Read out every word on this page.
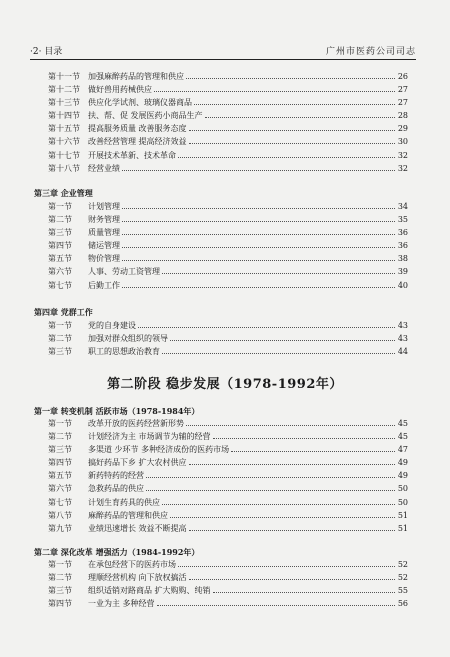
·2· 目录	广州市医药公司司志
第十一节	加强麻醉药品的管理和供应	26
第十二节	做好兽用药械供应	27
第十三节	供应化学试剂、玻璃仪器商品	27
第十四节	扶、帮、促 发展医药小商品生产	28
第十五节	提高服务质量 改善服务态度	29
第十六节	改善经营管理 提高经济效益	30
第十七节	开展技术革新、技术革命	32
第十八节	经营业绩	32
第三章 企业管理
第一节	计划管理	34
第二节	财务管理	35
第三节	质量管理	36
第四节	储运管理	36
第五节	物价管理	38
第六节	人事、劳动工资管理	39
第七节	后勤工作	40
第四章 党群工作
第一节	党的自身建设	43
第二节	加强对群众组织的领导	43
第三节	职工的思想政治教育	44
第二阶段 稳步发展（1978-1992年）
第一章 转变机制 活跃市场（1978-1984年）
第一节	改革开放的医药经营新形势	45
第二节	计划经济为主 市场调节为辅的经营	45
第三节	多渠道 少环节 多种经济成份的医药市场	47
第四节	搞好药品下乡 扩大农村供应	49
第五节	新药特药的经营	49
第六节	急救药品的供应	50
第七节	计划生育药具的供应	50
第八节	麻醉药品的管理和供应	51
第九节	业绩迅速增长 效益不断提高	51
第二章 深化改革 增强活力（1984-1992年）
第一节	在承包经营下的医药市场	52
第二节	理顺经营机构 向下放权搞活	52
第三节	组织适销对路商品 扩大购购、纯销	55
第四节	一业为主 多种经营	56
